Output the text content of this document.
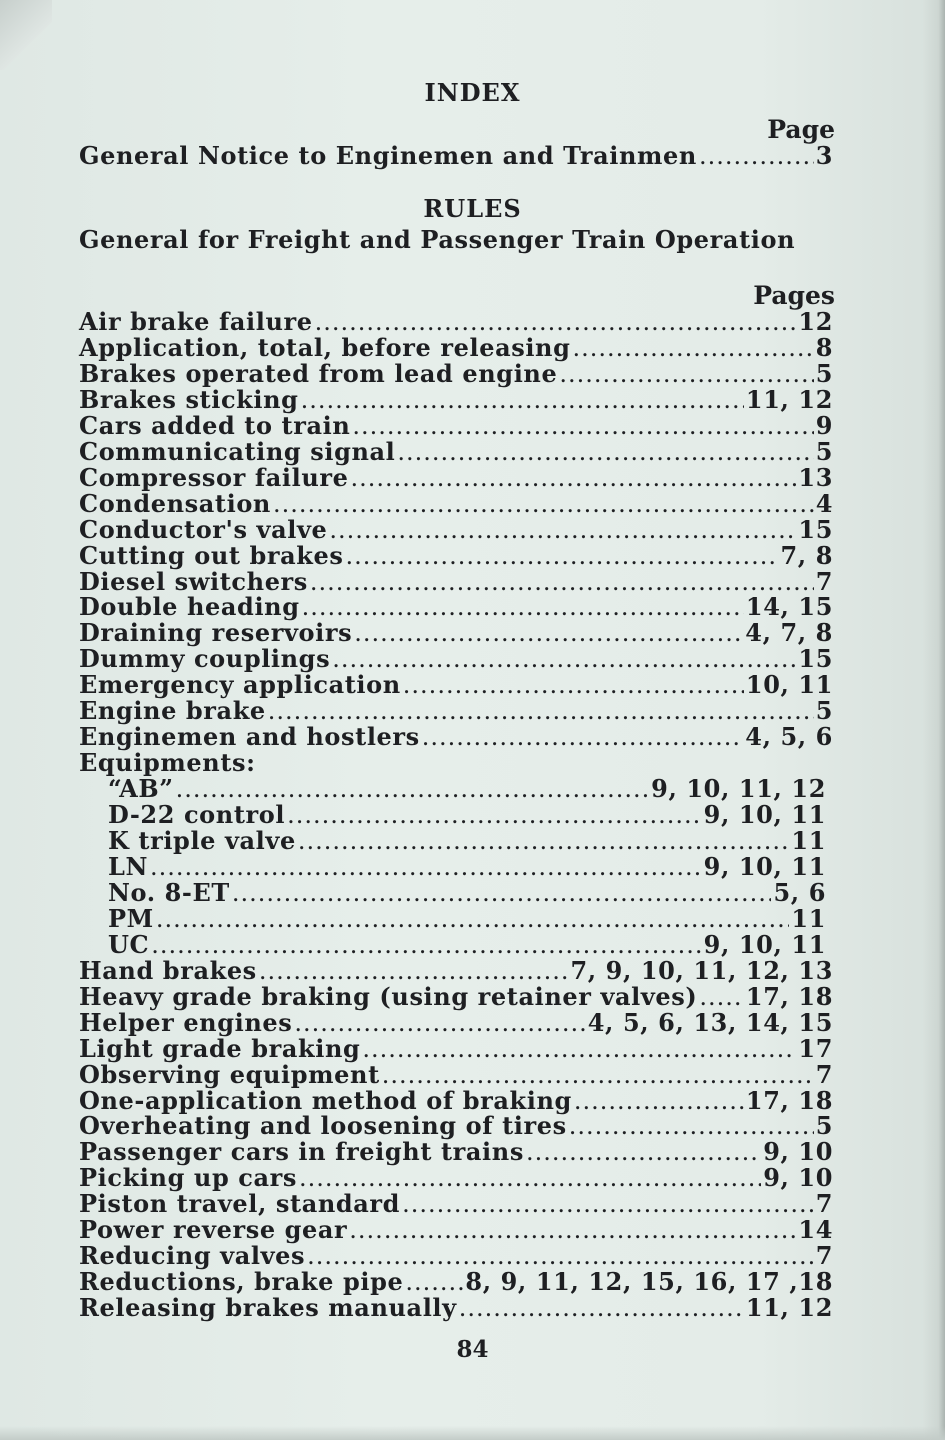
INDEX
Page
General Notice to Enginemen and Trainmen .....	3
RULES
General for Freight and Passenger Train Operation
Pages
Air brake failure .....	12
Application, total, before releasing .....	8
Brakes operated from lead engine .....	5
Brakes sticking .....	11, 12
Cars added to train .....	9
Communicating signal .....	5
Compressor failure .....	13
Condensation .....	4
Conductor's valve .....	15
Cutting out brakes .....	7, 8
Diesel switchers .....	7
Double heading .....	14, 15
Draining reservoirs .....	4, 7, 8
Dummy couplings .....	15
Emergency application .....	10, 11
Engine brake .....	5
Enginemen and hostlers .....	4, 5, 6
Equipments:
“AB” .....	9, 10, 11, 12
D-22 control .....	9, 10, 11
K triple valve .....	11
LN .....	9, 10, 11
No. 8-ET .....	5, 6
PM .....	11
UC .....	9, 10, 11
Hand brakes .....	7, 9, 10, 11, 12, 13
Heavy grade braking (using retainer valves) ..... 17, 18
Helper engines .....	4, 5, 6, 13, 14, 15
Light grade braking .....	17
Observing equipment .....	7
One-application method of braking .....	17, 18
Overheating and loosening of tires .....	5
Passenger cars in freight trains .....	9, 10
Picking up cars .....	9, 10
Piston travel, standard .....	7
Power reverse gear .....	14
Reducing valves .....	7
Reductions, brake pipe .....	8, 9, 11, 12, 15, 16, 17 ,18
Releasing brakes manually .....	11, 12
84
